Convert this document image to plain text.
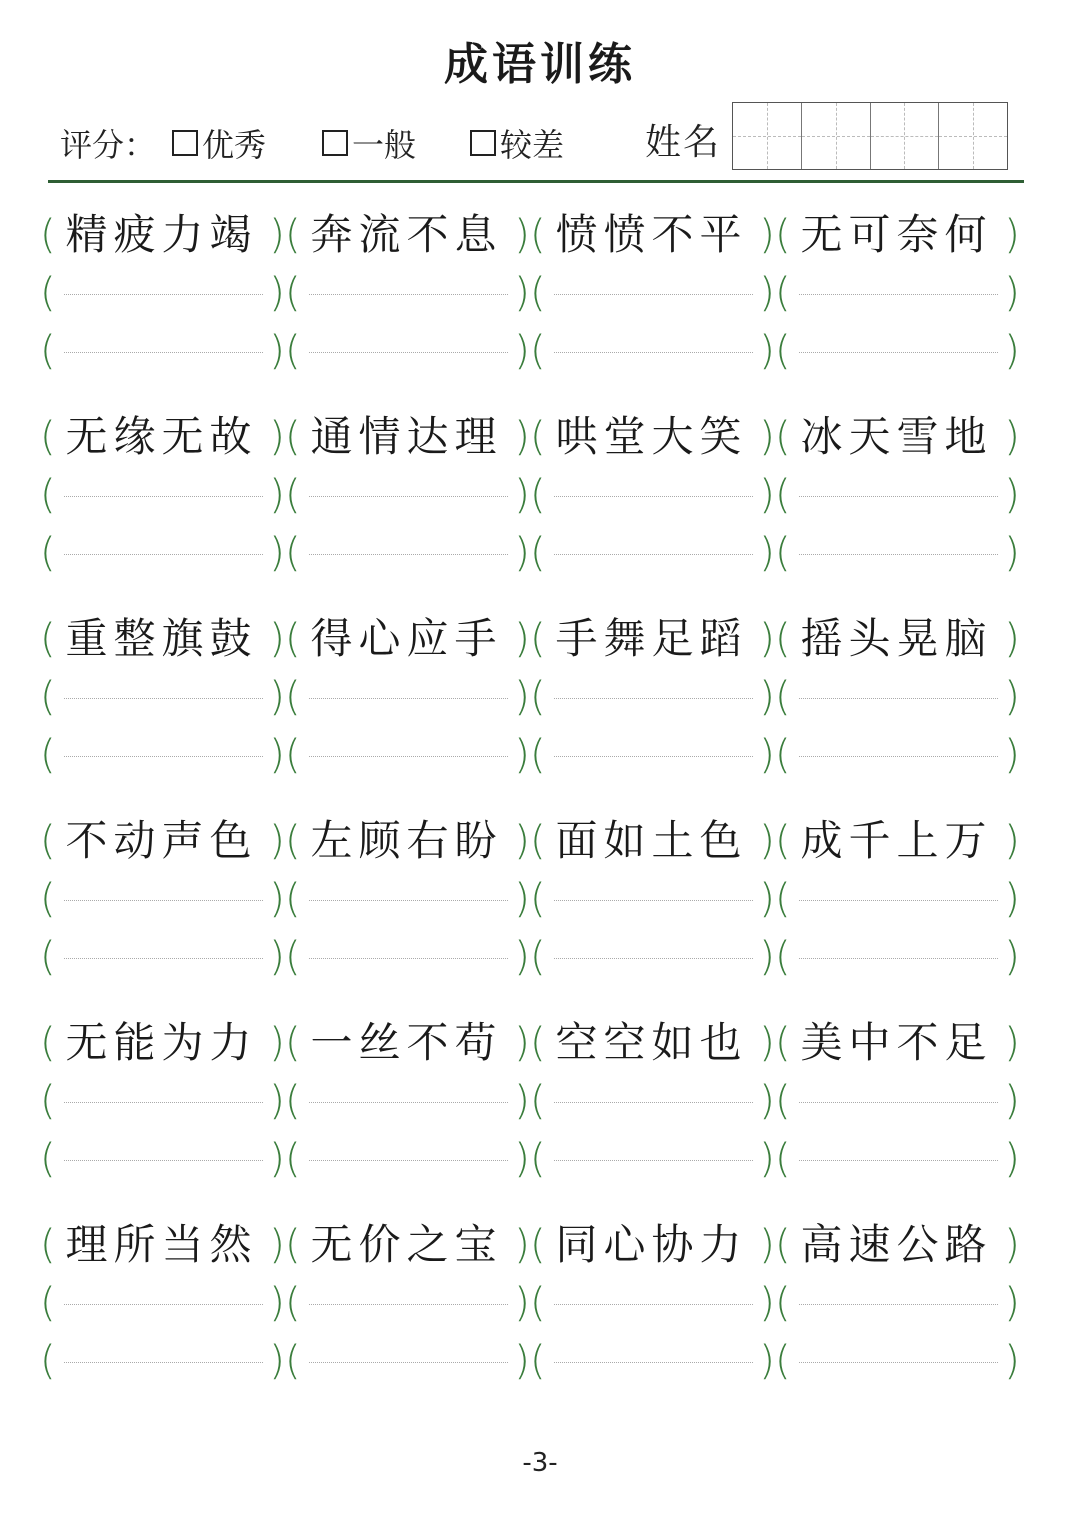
成语训练
评分： 优秀	一般	较差 姓名
( 精疲力竭 ) ( 奔流不息 ) ( 愤愤不平 ) ( 无可奈何 )
(	) (	) (	) (	)
(	) (	) (	) (	)
( 无缘无故 ) ( 通情达理 ) ( 哄堂大笑 ) ( 冰天雪地 )
(	) (	) (	) (	)
(	) (	) (	) (	)
( 重整旗鼓 ) ( 得心应手 ) ( 手舞足蹈 ) ( 摇头晃脑 )
(	) (	) (	) (	)
(	) (	) (	) (	)
( 不动声色 ) ( 左顾右盼 ) ( 面如土色 ) ( 成千上万 )
(	) (	) (	) (	)
(	) (	) (	) (	)
( 无能为力 ) ( 一丝不苟 ) ( 空空如也 ) ( 美中不足 )
(	) (	) (	) (	)
(	) (	) (	) (	)
( 理所当然 ) ( 无价之宝 ) ( 同心协力 ) ( 高速公路 )
(	) (	) (	) (	)
(	) (	) (	) (	)
-3-
